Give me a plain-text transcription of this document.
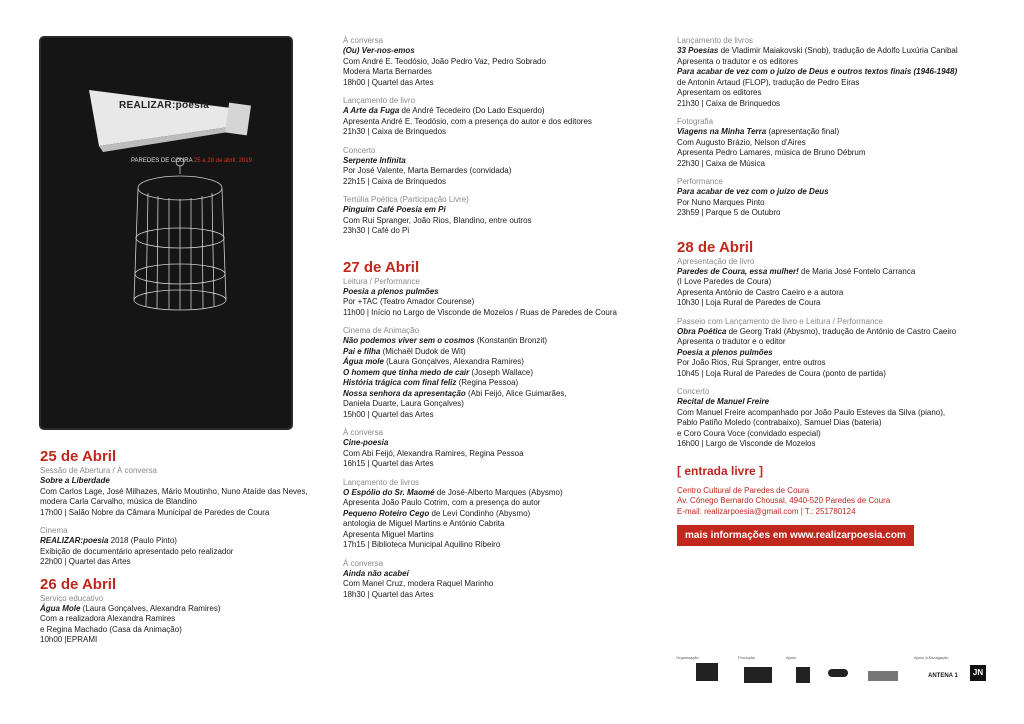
REALIZAR:poesia
PAREDES DE COURA 25 a 28 de abril, 2019
25 de Abril
Sessão de Abertura / À conversa
Sobre a Liberdade
Com Carlos Lage, José Milhazes, Mário Moutinho, Nuno Ataíde das Neves,
modera Carla Carvalho, música de Blandino
17h00 | Salão Nobre da Câmara Municipal de Paredes de Coura
Cinema
REALIZAR:poesia 2018 (Paulo Pinto)
Exibição de documentário apresentado pelo realizador
22h00 | Quartel das Artes
26 de Abril
Serviço educativo
Água Mole (Laura Gonçalves, Alexandra Ramires)
Com a realizadora Alexandra Ramires
e Regina Machado (Casa da Animação)
10h00 |EPRAMI
À conversa
(Ou) Ver-nos-emos
Com André E. Teodósio, João Pedro Vaz, Pedro Sobrado
Modera Marta Bernardes
18h00 | Quartel das Artes
Lançamento de livro
A Arte da Fuga de André Tecedeiro (Do Lado Esquerdo)
Apresenta André E. Teodósio, com a presença do autor e dos editores
21h30 | Caixa de Brinquedos
Concerto
Serpente Infinita
Por José Valente, Marta Bernardes (convidada)
22h15 | Caixa de Brinquedos
Tertúlia Poética (Participação Livre)
Pinguim Café Poesia em Pi
Com Rui Spranger, João Rios, Blandino, entre outros
23h30 | Café do Pi
27 de Abril
Leitura / Performance
Poesia a plenos pulmões
Por +TAC (Teatro Amador Courense)
11h00 | Início no Largo de Visconde de Mozelos / Ruas de Paredes de Coura
Cinema de Animação
Não podemos viver sem o cosmos (Konstantin Bronzit)
Pai e filha (Michaël Dudok de Wit)
Água mole (Laura Gonçalves, Alexandra Ramires)
O homem que tinha medo de cair (Joseph Wallace)
História trágica com final feliz (Regina Pessoa)
Nossa senhora da apresentação (Abi Feijó, Alice Guimarães,
Daniela Duarte, Laura Gonçalves)
15h00 | Quartel das Artes
À conversa
Cine-poesia
Com Abi Feijó, Alexandra Ramires, Regina Pessoa
16h15 | Quartel das Artes
Lançamento de livros
O Espólio do Sr. Maomé de José-Alberto Marques (Abysmo)
Apresenta João Paulo Cotrim, com a presença do autor
Pequeno Roteiro Cego de Levi Condinho (Abysmo)
antologia de Miguel Martins e António Cabrita
Apresenta Miguel Martins
17h15 | Biblioteca Municipal Aquilino Ribeiro
À conversa
Ainda não acabei
Com Manel Cruz, modera Raquel Marinho
18h30 | Quartel das Artes
Lançamento de livros
33 Poesias de Vladimir Maiakovski (Snob), tradução de Adolfo Luxúria Canibal
Apresenta o tradutor e os editores
Para acabar de vez com o juízo de Deus e outros textos finais (1946-1948)
de Antonin Artaud (FLOP), tradução de Pedro Eiras
Apresentam os editores
21h30 | Caixa de Brinquedos
Fotografia
Viagens na Minha Terra (apresentação final)
Com Augusto Brázio, Nelson d'Aires
Apresenta Pedro Lamares, música de Bruno Débrum
22h30 | Caixa de Música
Performance
Para acabar de vez com o juízo de Deus
Por Nuno Marques Pinto
23h59 | Parque 5 de Outubro
28 de Abril
Apresentação de livro
Paredes de Coura, essa mulher! de Maria José Fontelo Carranca
(I Love Paredes de Coura)
Apresenta António de Castro Caeiro e a autora
10h30 | Loja Rural de Paredes de Coura
Passeio com Lançamento de livro e Leitura / Performance
Obra Poética de Georg Trakl (Abysmo), tradução de António de Castro Caeiro
Apresenta o tradutor e o editor
Poesia a plenos pulmões
Por João Rios, Rui Spranger, entre outros
10h45 | Loja Rural de Paredes de Coura (ponto de partida)
Concerto
Recital de Manuel Freire
Com Manuel Freire acompanhado por João Paulo Esteves da Silva (piano),
Pablo Patiño Moledo (contrabaixo), Samuel Dias (bateria)
e Coro Coura Voce (convidado especial)
16h00 | Largo de Visconde de Mozelos
[ entrada livre ]
Centro Cultural de Paredes de Coura
Av. Cónego Bernardo Chousal, 4940-520 Paredes de Coura
E-mail: realizarpoesia@gmail.com | T.: 251780124
mais informações em www.realizarpoesia.com
Organização	Produção	Apoio	Apoio à Divulgação
ANTENA 1	JN
